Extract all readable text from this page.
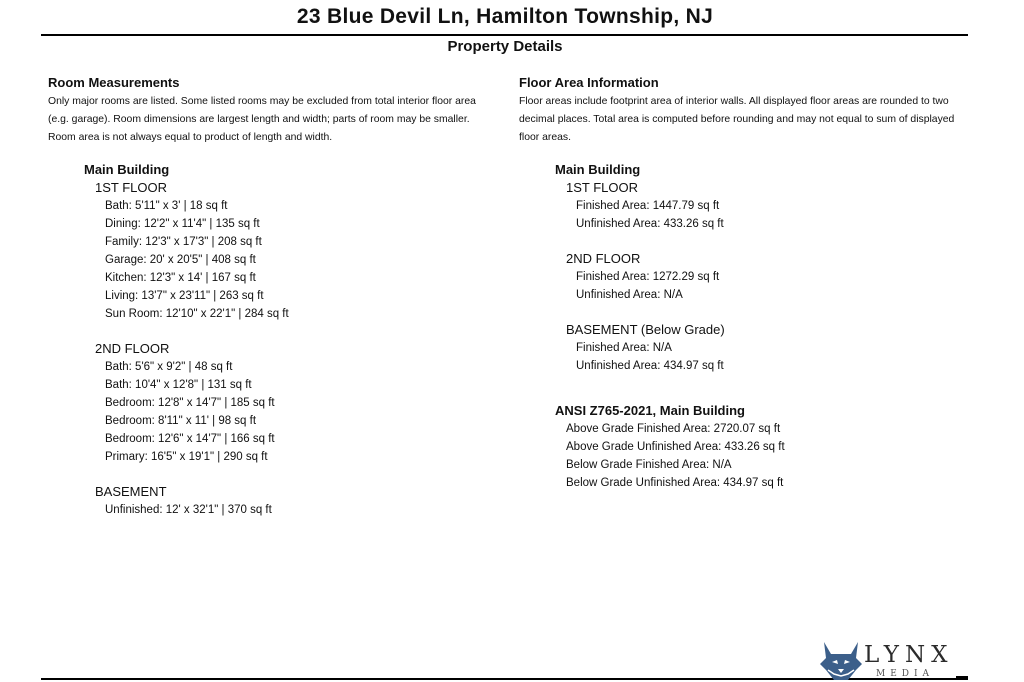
23 Blue Devil Ln, Hamilton Township, NJ
Property Details
Room Measurements
Only major rooms are listed. Some listed rooms may be excluded from total interior floor area
(e.g. garage). Room dimensions are largest length and width; parts of room may be smaller.
Room area is not always equal to product of length and width.
Main Building
1ST FLOOR
Bath: 5'11" x 3' | 18 sq ft
Dining: 12'2" x 11'4" | 135 sq ft
Family: 12'3" x 17'3" | 208 sq ft
Garage: 20' x 20'5" | 408 sq ft
Kitchen: 12'3" x 14' | 167 sq ft
Living: 13'7" x 23'11" | 263 sq ft
Sun Room: 12'10" x 22'1" | 284 sq ft
2ND FLOOR
Bath: 5'6" x 9'2" | 48 sq ft
Bath: 10'4" x 12'8" | 131 sq ft
Bedroom: 12'8" x 14'7" | 185 sq ft
Bedroom: 8'11" x 11' | 98 sq ft
Bedroom: 12'6" x 14'7" | 166 sq ft
Primary: 16'5" x 19'1" | 290 sq ft
BASEMENT
Unfinished: 12' x 32'1" | 370 sq ft
Floor Area Information
Floor areas include footprint area of interior walls. All displayed floor areas are rounded to two
decimal places. Total area is computed before rounding and may not equal to sum of displayed
floor areas.
Main Building
1ST FLOOR
Finished Area: 1447.79 sq ft
Unfinished Area: 433.26 sq ft
2ND FLOOR
Finished Area: 1272.29 sq ft
Unfinished Area: N/A
BASEMENT (Below Grade)
Finished Area: N/A
Unfinished Area: 434.97 sq ft
ANSI Z765-2021, Main Building
Above Grade Finished Area: 2720.07 sq ft
Above Grade Unfinished Area: 433.26 sq ft
Below Grade Finished Area: N/A
Below Grade Unfinished Area: 434.97 sq ft
LYNX
MEDIA
